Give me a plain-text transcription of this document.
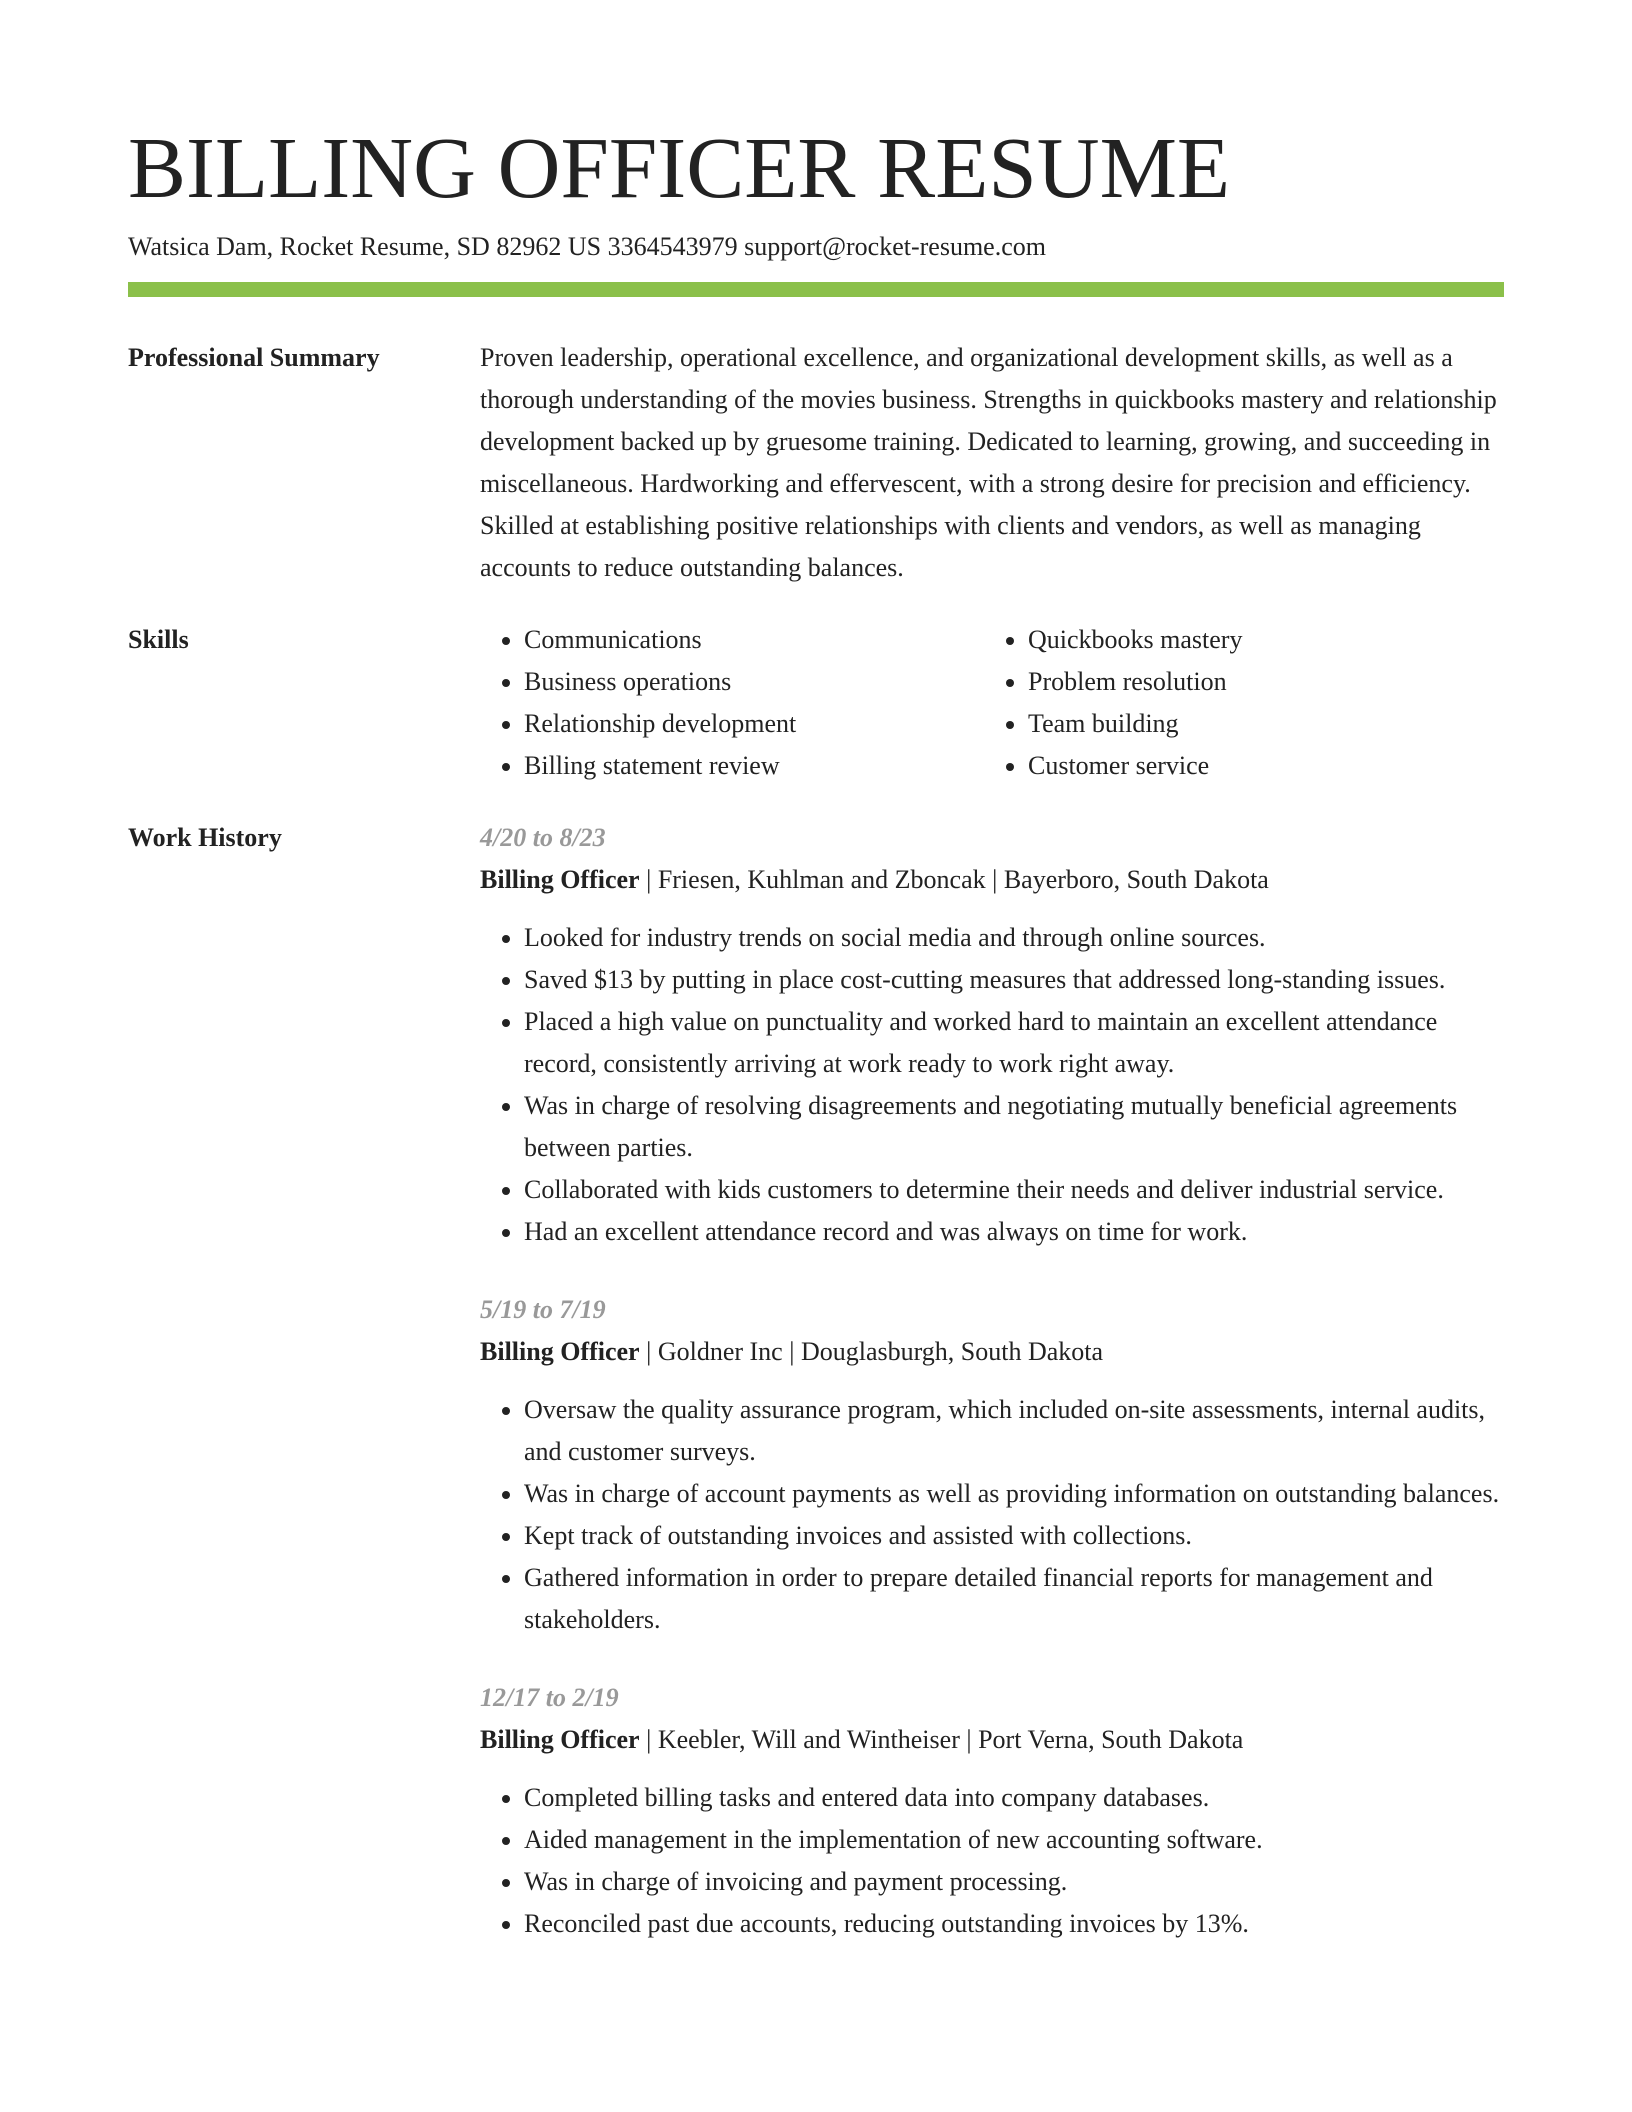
BILLING OFFICER RESUME
Watsica Dam, Rocket Resume, SD 82962 US 3364543979 support@rocket-resume.com
Professional Summary	Proven leadership, operational excellence, and organizational development skills, as well as a thorough understanding of the movies business. Strengths in quickbooks mastery and relationship development backed up by gruesome training. Dedicated to learning, growing, and succeeding in miscellaneous. Hardworking and effervescent, with a strong desire for precision and efficiency. Skilled at establishing positive relationships with clients and vendors, as well as managing accounts to reduce outstanding balances.

Skills	• Communications
• Business operations
• Relationship development
• Billing statement review
• Quickbooks mastery
• Problem resolution
• Team building
• Customer service
Work History	4/20 to 8/23
Billing Officer | Friesen, Kuhlman and Zboncak | Bayerboro, South Dakota
• Looked for industry trends on social media and through online sources.
• Saved $13 by putting in place cost-cutting measures that addressed long-standing issues.
• Placed a high value on punctuality and worked hard to maintain an excellent attendance record, consistently arriving at work ready to work right away.
• Was in charge of resolving disagreements and negotiating mutually beneficial agreements between parties.
• Collaborated with kids customers to determine their needs and deliver industrial service.
• Had an excellent attendance record and was always on time for work.
5/19 to 7/19
Billing Officer | Goldner Inc | Douglasburgh, South Dakota
• Oversaw the quality assurance program, which included on-site assessments, internal audits, and customer surveys.
• Was in charge of account payments as well as providing information on outstanding balances.
• Kept track of outstanding invoices and assisted with collections.
• Gathered information in order to prepare detailed financial reports for management and stakeholders.
12/17 to 2/19
Billing Officer | Keebler, Will and Wintheiser | Port Verna, South Dakota
• Completed billing tasks and entered data into company databases.
• Aided management in the implementation of new accounting software.
• Was in charge of invoicing and payment processing.
• Reconciled past due accounts, reducing outstanding invoices by 13%.
